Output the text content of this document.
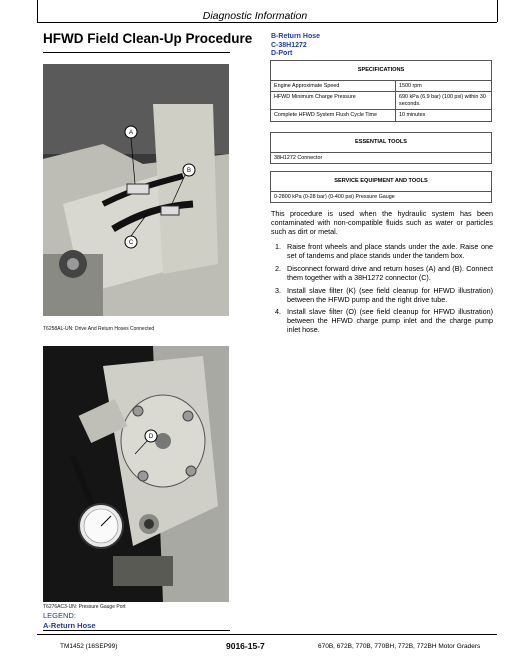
Diagnostic Information
HFWD Field Clean-Up Procedure
A
B
C
T6258AL-UN: Drive And Return Hoses Connected
D
T6276AC3-UN: Pressure Gauge Port
LEGEND:
A-Return Hose
B-Return Hose
C-38H1272
D-Port
SPECIFICATIONS	
Engine Approximate Speed	1500 rpm
HFWD Minimum Charge Pressure	690 kPa (6.9 bar) (100 psi) within 30 seconds.
Complete HFWD System Flush Cycle Time	10 minutes
ESSENTIAL TOOLS
38H1272 Connector
SERVICE EQUIPMENT AND TOOLS
0-2800 kPa (0-28 bar) (0-400 psi) Pressure Gauge
This procedure is used when the hydraulic system has been contaminated with non-compatible fluids such as water or particles such as dirt or metal.
1. Raise front wheels and place stands under the axle. Raise one set of tandems and place stands under the tandem box.
2. Disconnect forward drive and return hoses (A) and (B). Connect them together with a 38H1272 connector (C).
3. Install slave filter (K) (see field cleanup for HFWD illustration) between the HFWD pump and the right drive tube.
4. Install slave filter (O) (see field cleanup for HFWD illustration) between the HFWD charge pump inlet and the charge pump inlet hose.
TM1452 (16SEP99)	9016-15-7	670B, 672B, 770B, 770BH, 772B, 772BH Motor Graders
